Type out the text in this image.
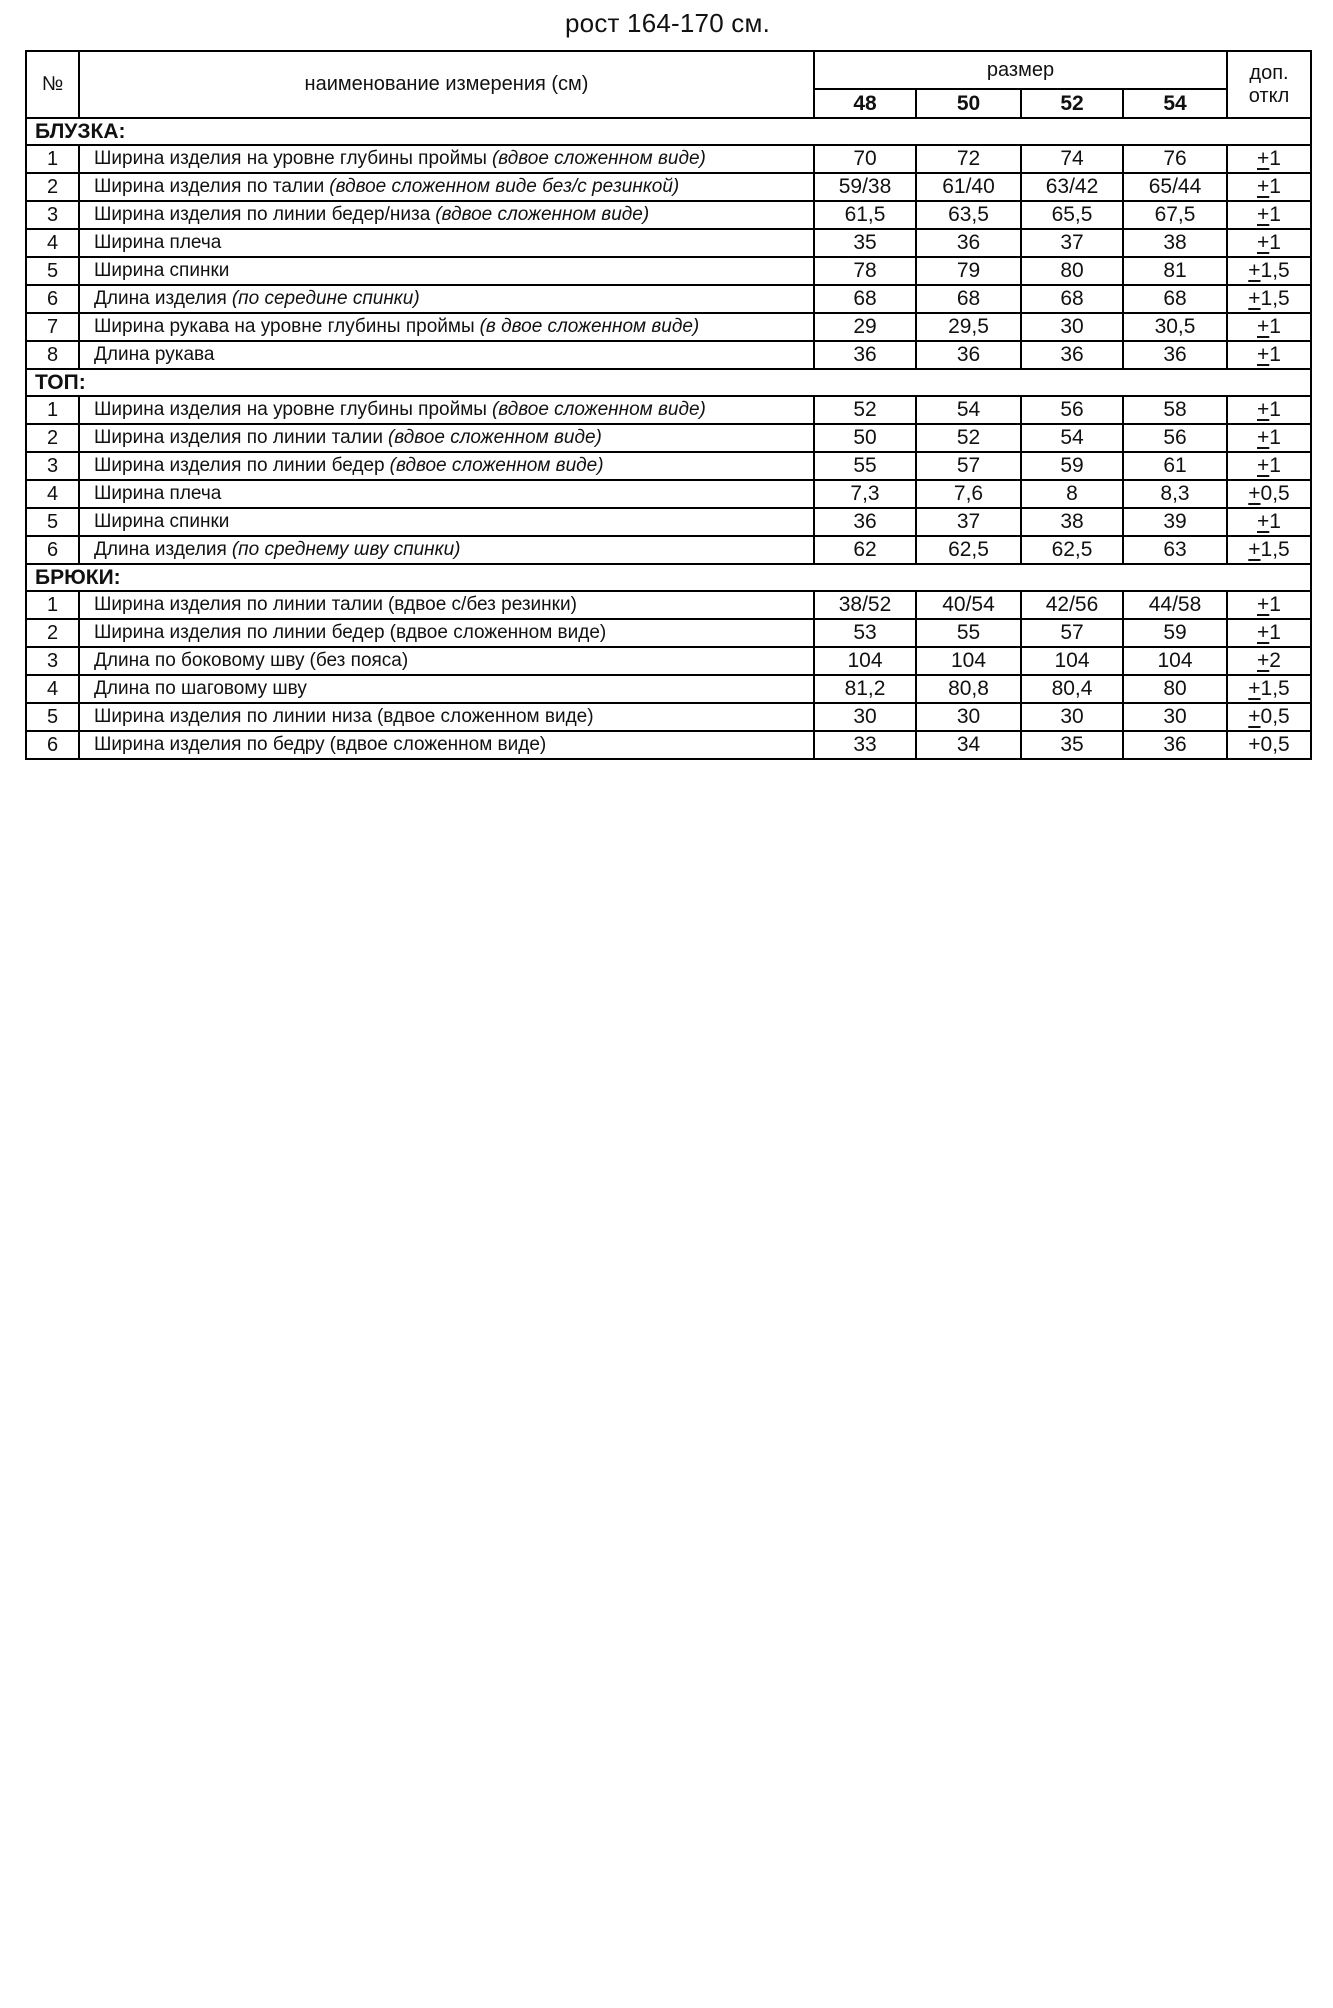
рост 164-170 см.
№	наименование измерения (см)	размер				доп.
откл

		48	50	52	54	
БЛУЗКА:						
1	Ширина изделия на уровне глубины проймы (вдвое сложенном виде)	70	72	74	76	+1
2	Ширина изделия по талии (вдвое сложенном виде без/с резинкой)	59/38	61/40	63/42	65/44	+1
3	Ширина изделия по линии бедер/низа (вдвое сложенном виде)	61,5	63,5	65,5	67,5	+1
4	Ширина плеча	35	36	37	38	+1
5	Ширина спинки	78	79	80	81	+1,5
6	Длина изделия (по середине спинки)	68	68	68	68	+1,5
7	Ширина рукава на уровне глубины проймы (в двое сложенном виде)	29	29,5	30	30,5	+1
8	Длина рукава	36	36	36	36	+1
ТОП:						
1	Ширина изделия на уровне глубины проймы (вдвое сложенном виде)	52	54	56	58	+1
2	Ширина изделия по линии талии (вдвое сложенном виде)	50	52	54	56	+1
3	Ширина изделия по линии бедер (вдвое сложенном виде)	55	57	59	61	+1
4	Ширина плеча	7,3	7,6	8	8,3	+0,5
5	Ширина спинки	36	37	38	39	+1
6	Длина изделия (по среднему шву спинки)	62	62,5	62,5	63	+1,5
БРЮКИ:						
1	Ширина изделия по линии талии (вдвое с/без резинки)	38/52	40/54	42/56	44/58	+1
2	Ширина изделия по линии бедер (вдвое сложенном виде)	53	55	57	59	+1
3	Длина по боковому шву (без пояса)	104	104	104	104	+2
4	Длина по шаговому шву	81,2	80,8	80,4	80	+1,5
5	Ширина изделия по линии низа (вдвое сложенном виде)	30	30	30	30	+0,5
6	Ширина изделия по бедру (вдвое сложенном виде)	33	34	35	36	+0,5
